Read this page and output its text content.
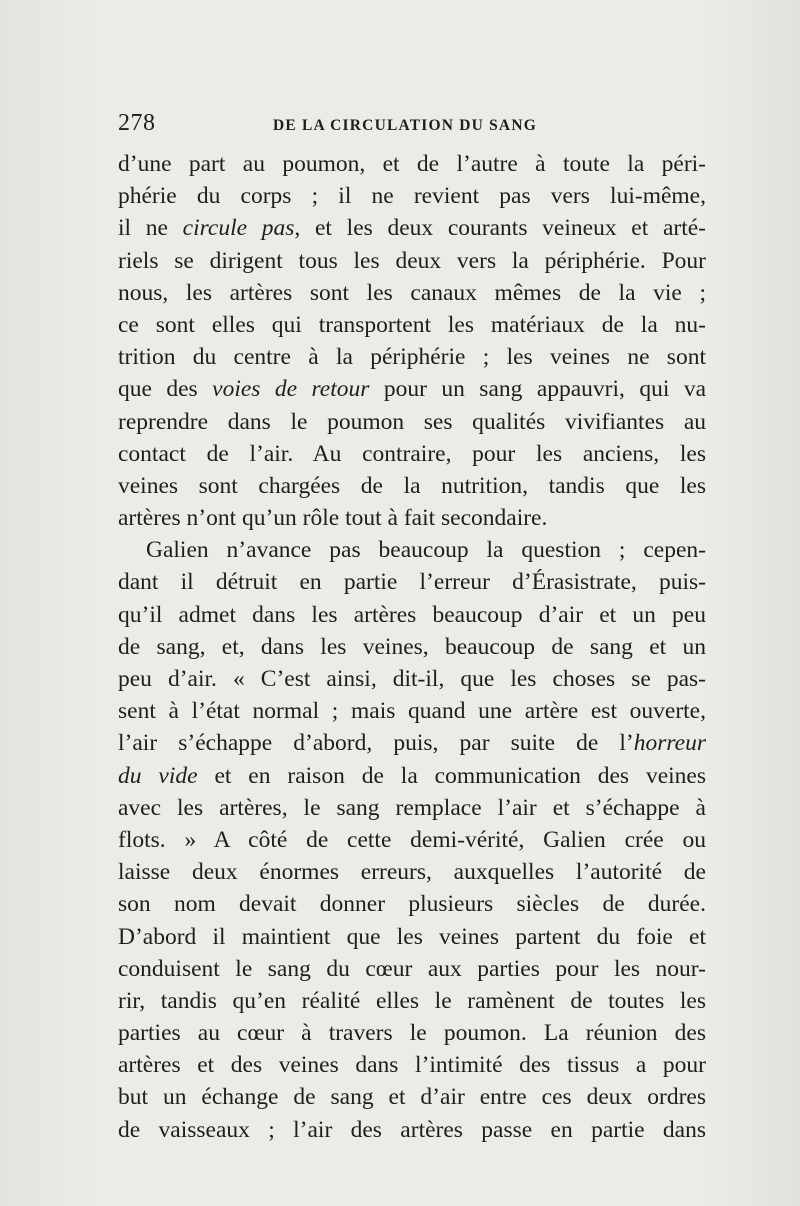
278	DE LA CIRCULATION DU SANG
d’une part au poumon, et de l’autre à toute la péri-
phérie du corps ; il ne revient pas vers lui-même,
il ne circule pas, et les deux courants veineux et arté-
riels se dirigent tous les deux vers la périphérie. Pour
nous, les artères sont les canaux mêmes de la vie ;
ce sont elles qui transportent les matériaux de la nu-
trition du centre à la périphérie ; les veines ne sont
que des voies de retour pour un sang appauvri, qui va
reprendre dans le poumon ses qualités vivifiantes au
contact de l’air. Au contraire, pour les anciens, les
veines sont chargées de la nutrition, tandis que les
artères n’ont qu’un rôle tout à fait secondaire.
Galien n’avance pas beaucoup la question ; cepen-
dant il détruit en partie l’erreur d’Érasistrate, puis-
qu’il admet dans les artères beaucoup d’air et un peu
de sang, et, dans les veines, beaucoup de sang et un
peu d’air. « C’est ainsi, dit-il, que les choses se pas-
sent à l’état normal ; mais quand une artère est ouverte,
l’air s’échappe d’abord, puis, par suite de l’horreur
du vide et en raison de la communication des veines
avec les artères, le sang remplace l’air et s’échappe à
flots. » A côté de cette demi-vérité, Galien crée ou
laisse deux énormes erreurs, auxquelles l’autorité de
son nom devait donner plusieurs siècles de durée.
D’abord il maintient que les veines partent du foie et
conduisent le sang du cœur aux parties pour les nour-
rir, tandis qu’en réalité elles le ramènent de toutes les
parties au cœur à travers le poumon. La réunion des
artères et des veines dans l’intimité des tissus a pour
but un échange de sang et d’air entre ces deux ordres
de vaisseaux ; l’air des artères passe en partie dans
